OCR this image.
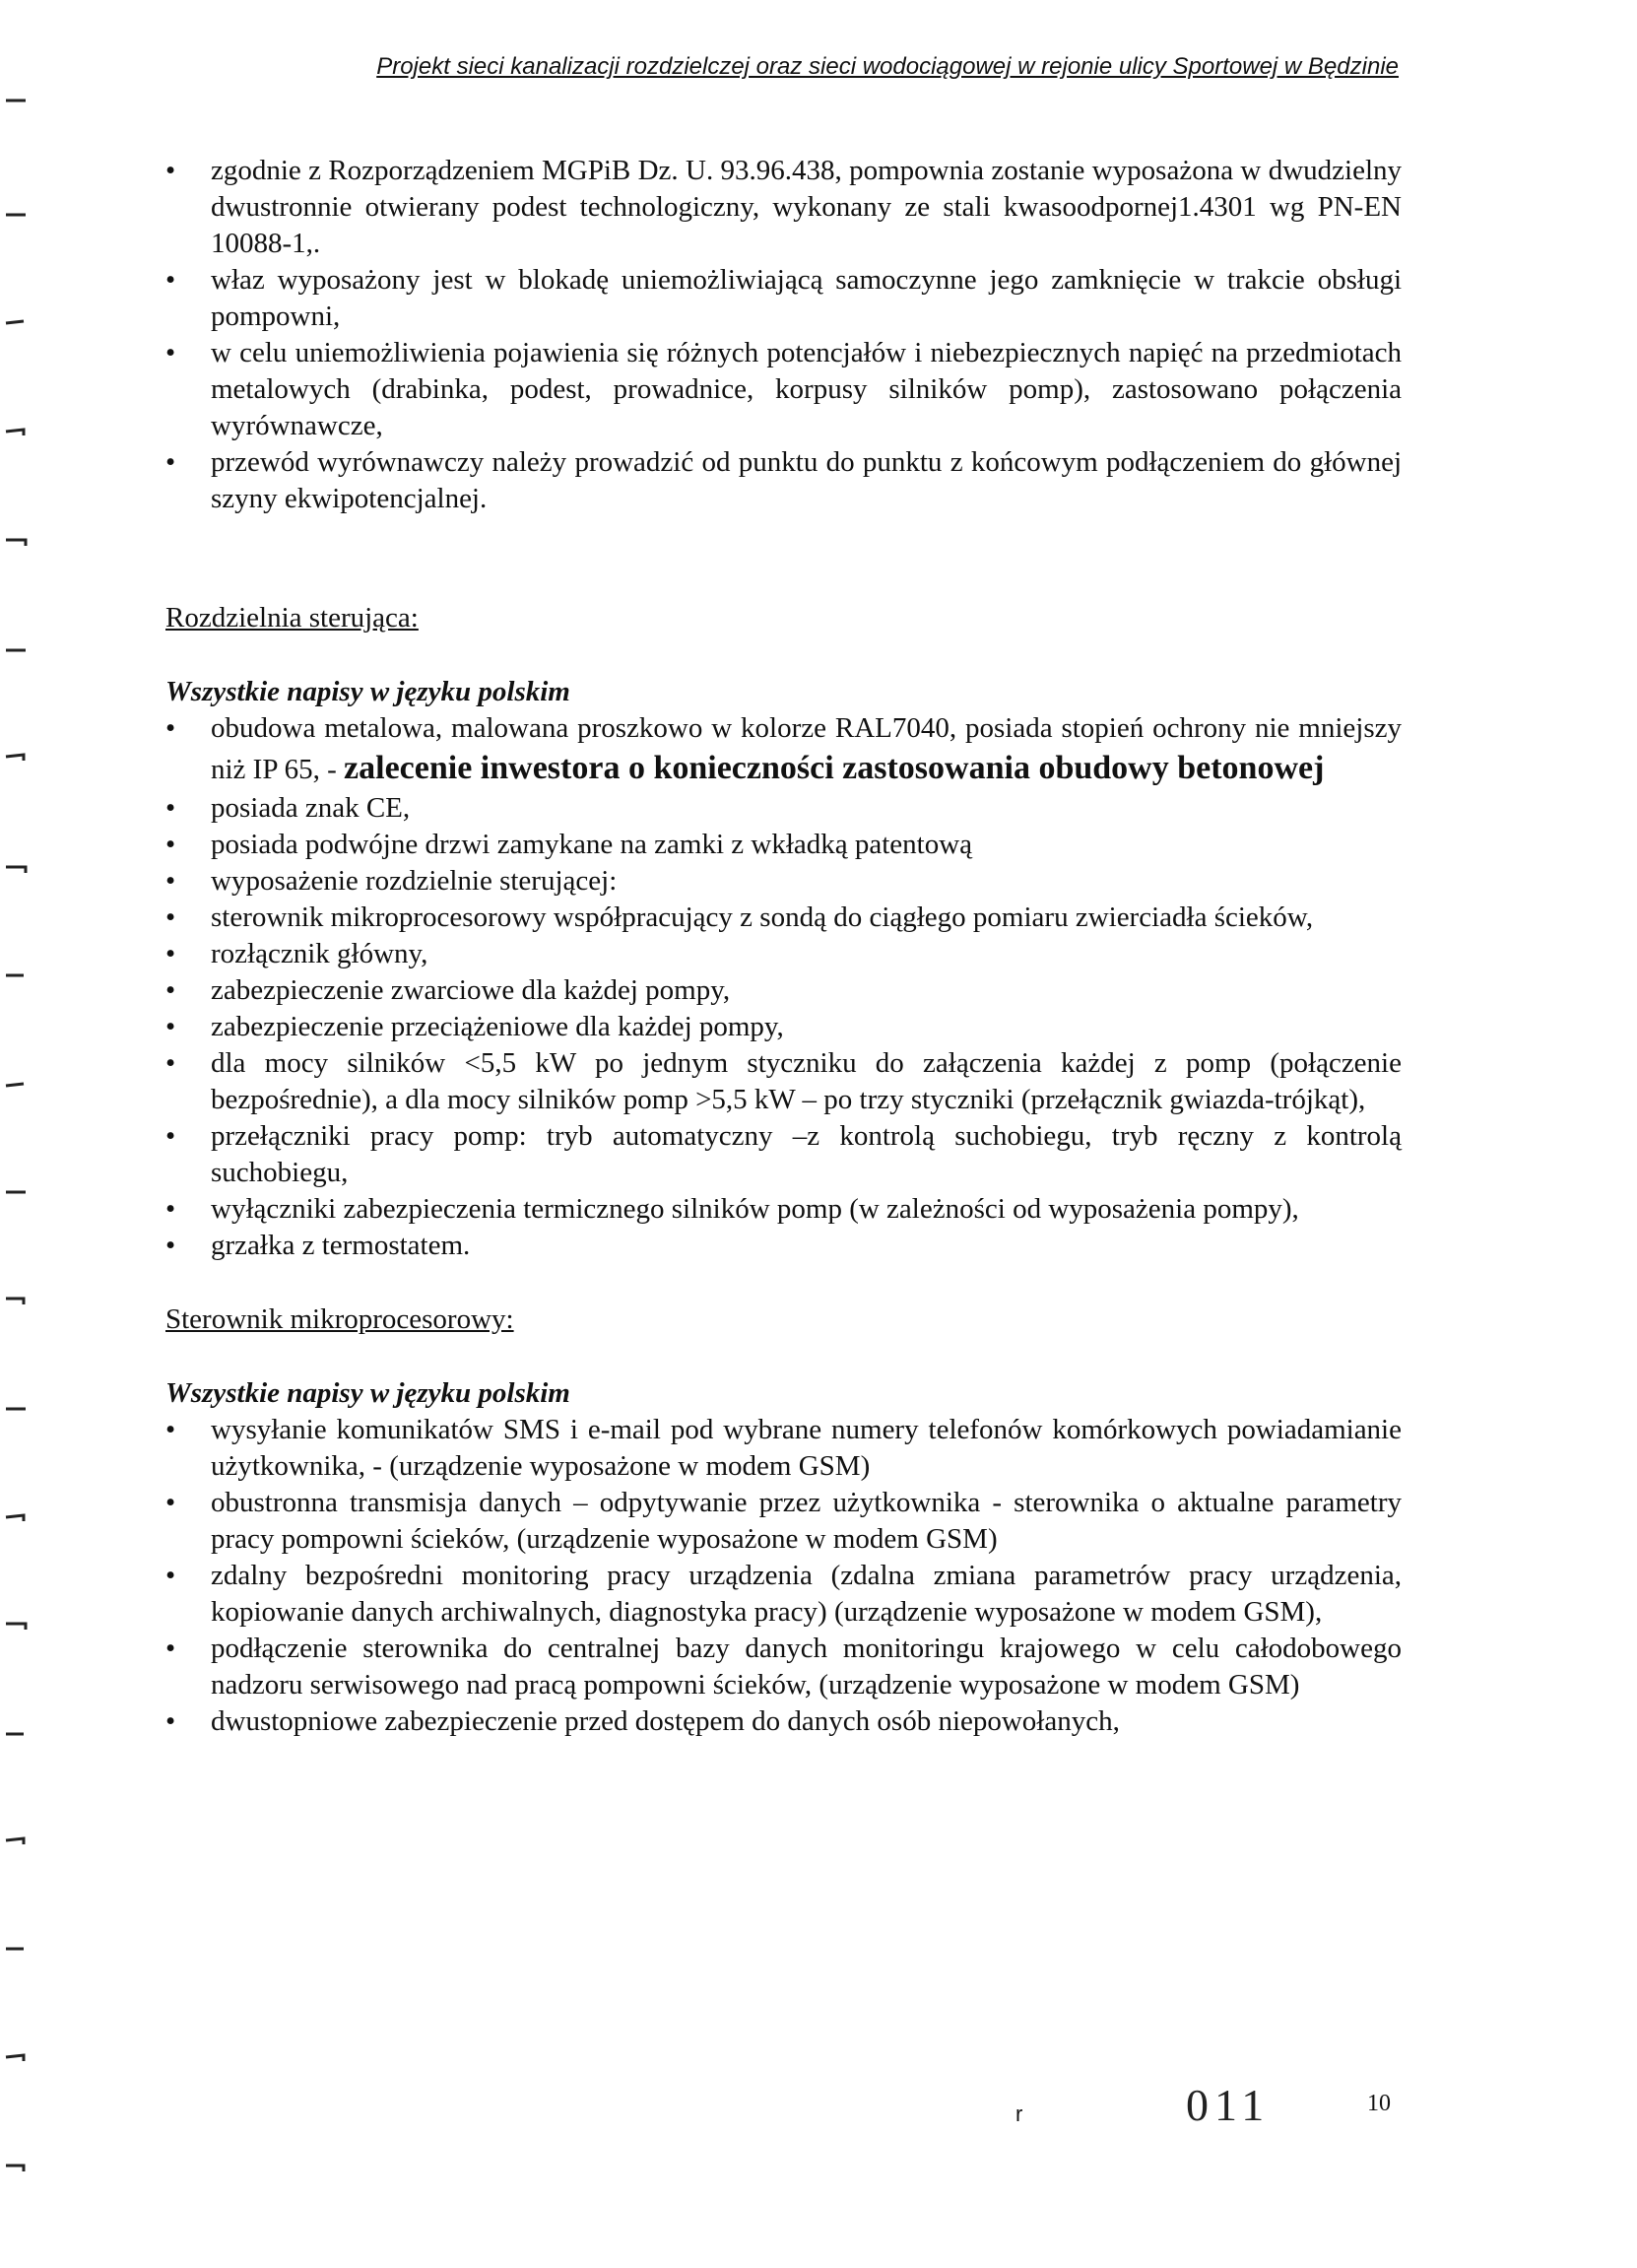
Projekt sieci kanalizacji rozdzielczej oraz sieci wodociągowej w rejonie ulicy Sportowej w Będzinie
• zgodnie z Rozporządzeniem MGPiB Dz. U. 93.96.438, pompownia zostanie wyposażona w dwudzielny dwustronnie otwierany podest technologiczny, wykonany ze stali kwasoodpornej1.4301 wg PN-EN 10088-1,.
• właz wyposażony jest w blokadę uniemożliwiającą samoczynne jego zamknięcie w trakcie obsługi pompowni,
• w celu uniemożliwienia pojawienia się różnych potencjałów i niebezpiecznych napięć na przedmiotach metalowych (drabinka, podest, prowadnice, korpusy silników pomp), zastosowano połączenia wyrównawcze,
• przewód wyrównawczy należy prowadzić od punktu do punktu z końcowym podłączeniem do głównej szyny ekwipotencjalnej.

Rozdzielnia sterująca:

Wszystkie napisy w języku polskim

• obudowa metalowa, malowana proszkowo w kolorze RAL7040, posiada stopień ochrony nie mniejszy niż IP 65, - zalecenie inwestora o konieczności zastosowania obudowy betonowej
• posiada znak CE,
• posiada podwójne drzwi zamykane na zamki z wkładką patentową
• wyposażenie rozdzielnie sterującej:
• sterownik mikroprocesorowy współpracujący z sondą do ciągłego pomiaru zwierciadła ścieków,
• rozłącznik główny,
• zabezpieczenie zwarciowe dla każdej pompy,
• zabezpieczenie przeciążeniowe dla każdej pompy,
• dla mocy silników <5,5 kW po jednym styczniku do załączenia każdej z pomp (połączenie bezpośrednie), a dla mocy silników pomp >5,5 kW – po trzy styczniki (przełącznik gwiazda-trójkąt),
• przełączniki pracy pomp: tryb automatyczny –z kontrolą suchobiegu, tryb ręczny z kontrolą suchobiegu,
• wyłączniki zabezpieczenia termicznego silników pomp (w zależności od wyposażenia pompy),
• grzałka z termostatem.

Sterownik mikroprocesorowy:

Wszystkie napisy w języku polskim

• wysyłanie komunikatów SMS i e-mail pod wybrane numery telefonów komórkowych powiadamianie użytkownika, - (urządzenie wyposażone w modem GSM)
• obustronna transmisja danych – odpytywanie przez użytkownika - sterownika o aktualne parametry pracy pompowni ścieków, (urządzenie wyposażone w modem GSM)
• zdalny bezpośredni monitoring pracy urządzenia (zdalna zmiana parametrów pracy urządzenia, kopiowanie danych archiwalnych, diagnostyka pracy) (urządzenie wyposażone w modem GSM),
• podłączenie sterownika do centralnej bazy danych monitoringu krajowego w celu całodobowego nadzoru serwisowego nad pracą pompowni ścieków, (urządzenie wyposażone w modem GSM)
• dwustopniowe zabezpieczenie przed dostępem do danych osób niepowołanych,
r	011	10
